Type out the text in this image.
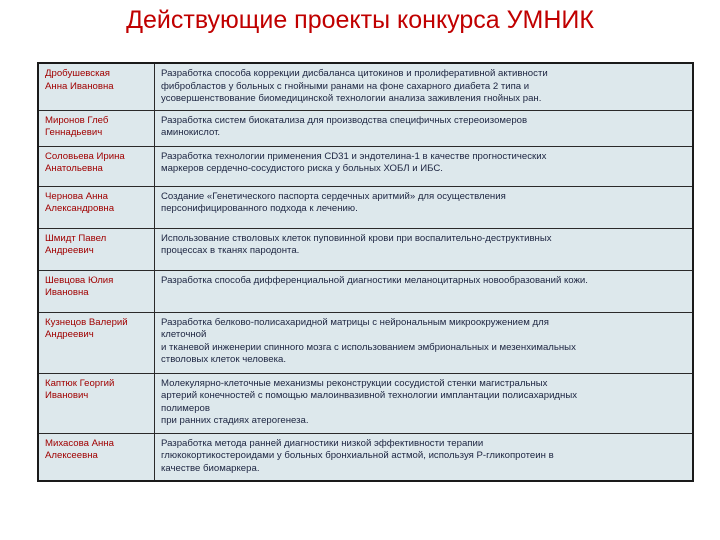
Действующие проекты конкурса УМНИК
Дробушевская
Анна Ивановна	Разработка способа коррекции дисбаланса цитокинов и пролиферативной активности
фибробластов у больных с гнойными ранами на фоне сахарного диабета 2 типа и
усовершенствование биомедицинской технологии анализа заживления гнойных ран.
Миронов Глеб
Геннадьевич	Разработка систем биокатализа для производства специфичных стереоизомеров
аминокислот.
Соловьева Ирина
Анатольевна	Разработка технологии применения CD31 и эндотелина-1 в качестве прогностических
маркеров сердечно-сосудистого риска у больных ХОБЛ и ИБС.
Чернова Анна
Александровна	Создание «Генетического паспорта сердечных аритмий» для осуществления
персонифицированного подхода к лечению.
Шмидт Павел
Андреевич	Использование стволовых клеток пуповинной крови при воспалительно-деструктивных
процессах в тканях пародонта.
Шевцова Юлия
Ивановна	Разработка способа дифференциальной диагностики меланоцитарных новообразований кожи.
Кузнецов Валерий
Андреевич	Разработка белково-полисахаридной матрицы с нейрональным микроокружением для
клеточной
и тканевой инженерии спинного мозга с использованием эмбриональных и мезенхимальных
стволовых клеток человека.
Каптюк Георгий
Иванович	Молекулярно-клеточные механизмы реконструкции сосудистой стенки магистральных
артерий конечностей с помощью малоинвазивной технологии имплантации полисахаридных
полимеров
при ранних стадиях атерогенеза.
Михасова Анна
Алексеевна	Разработка метода ранней диагностики низкой эффективности терапии
глюкокортикостероидами у больных бронхиальной астмой, используя Р-гликопротеин в
качестве биомаркера.
